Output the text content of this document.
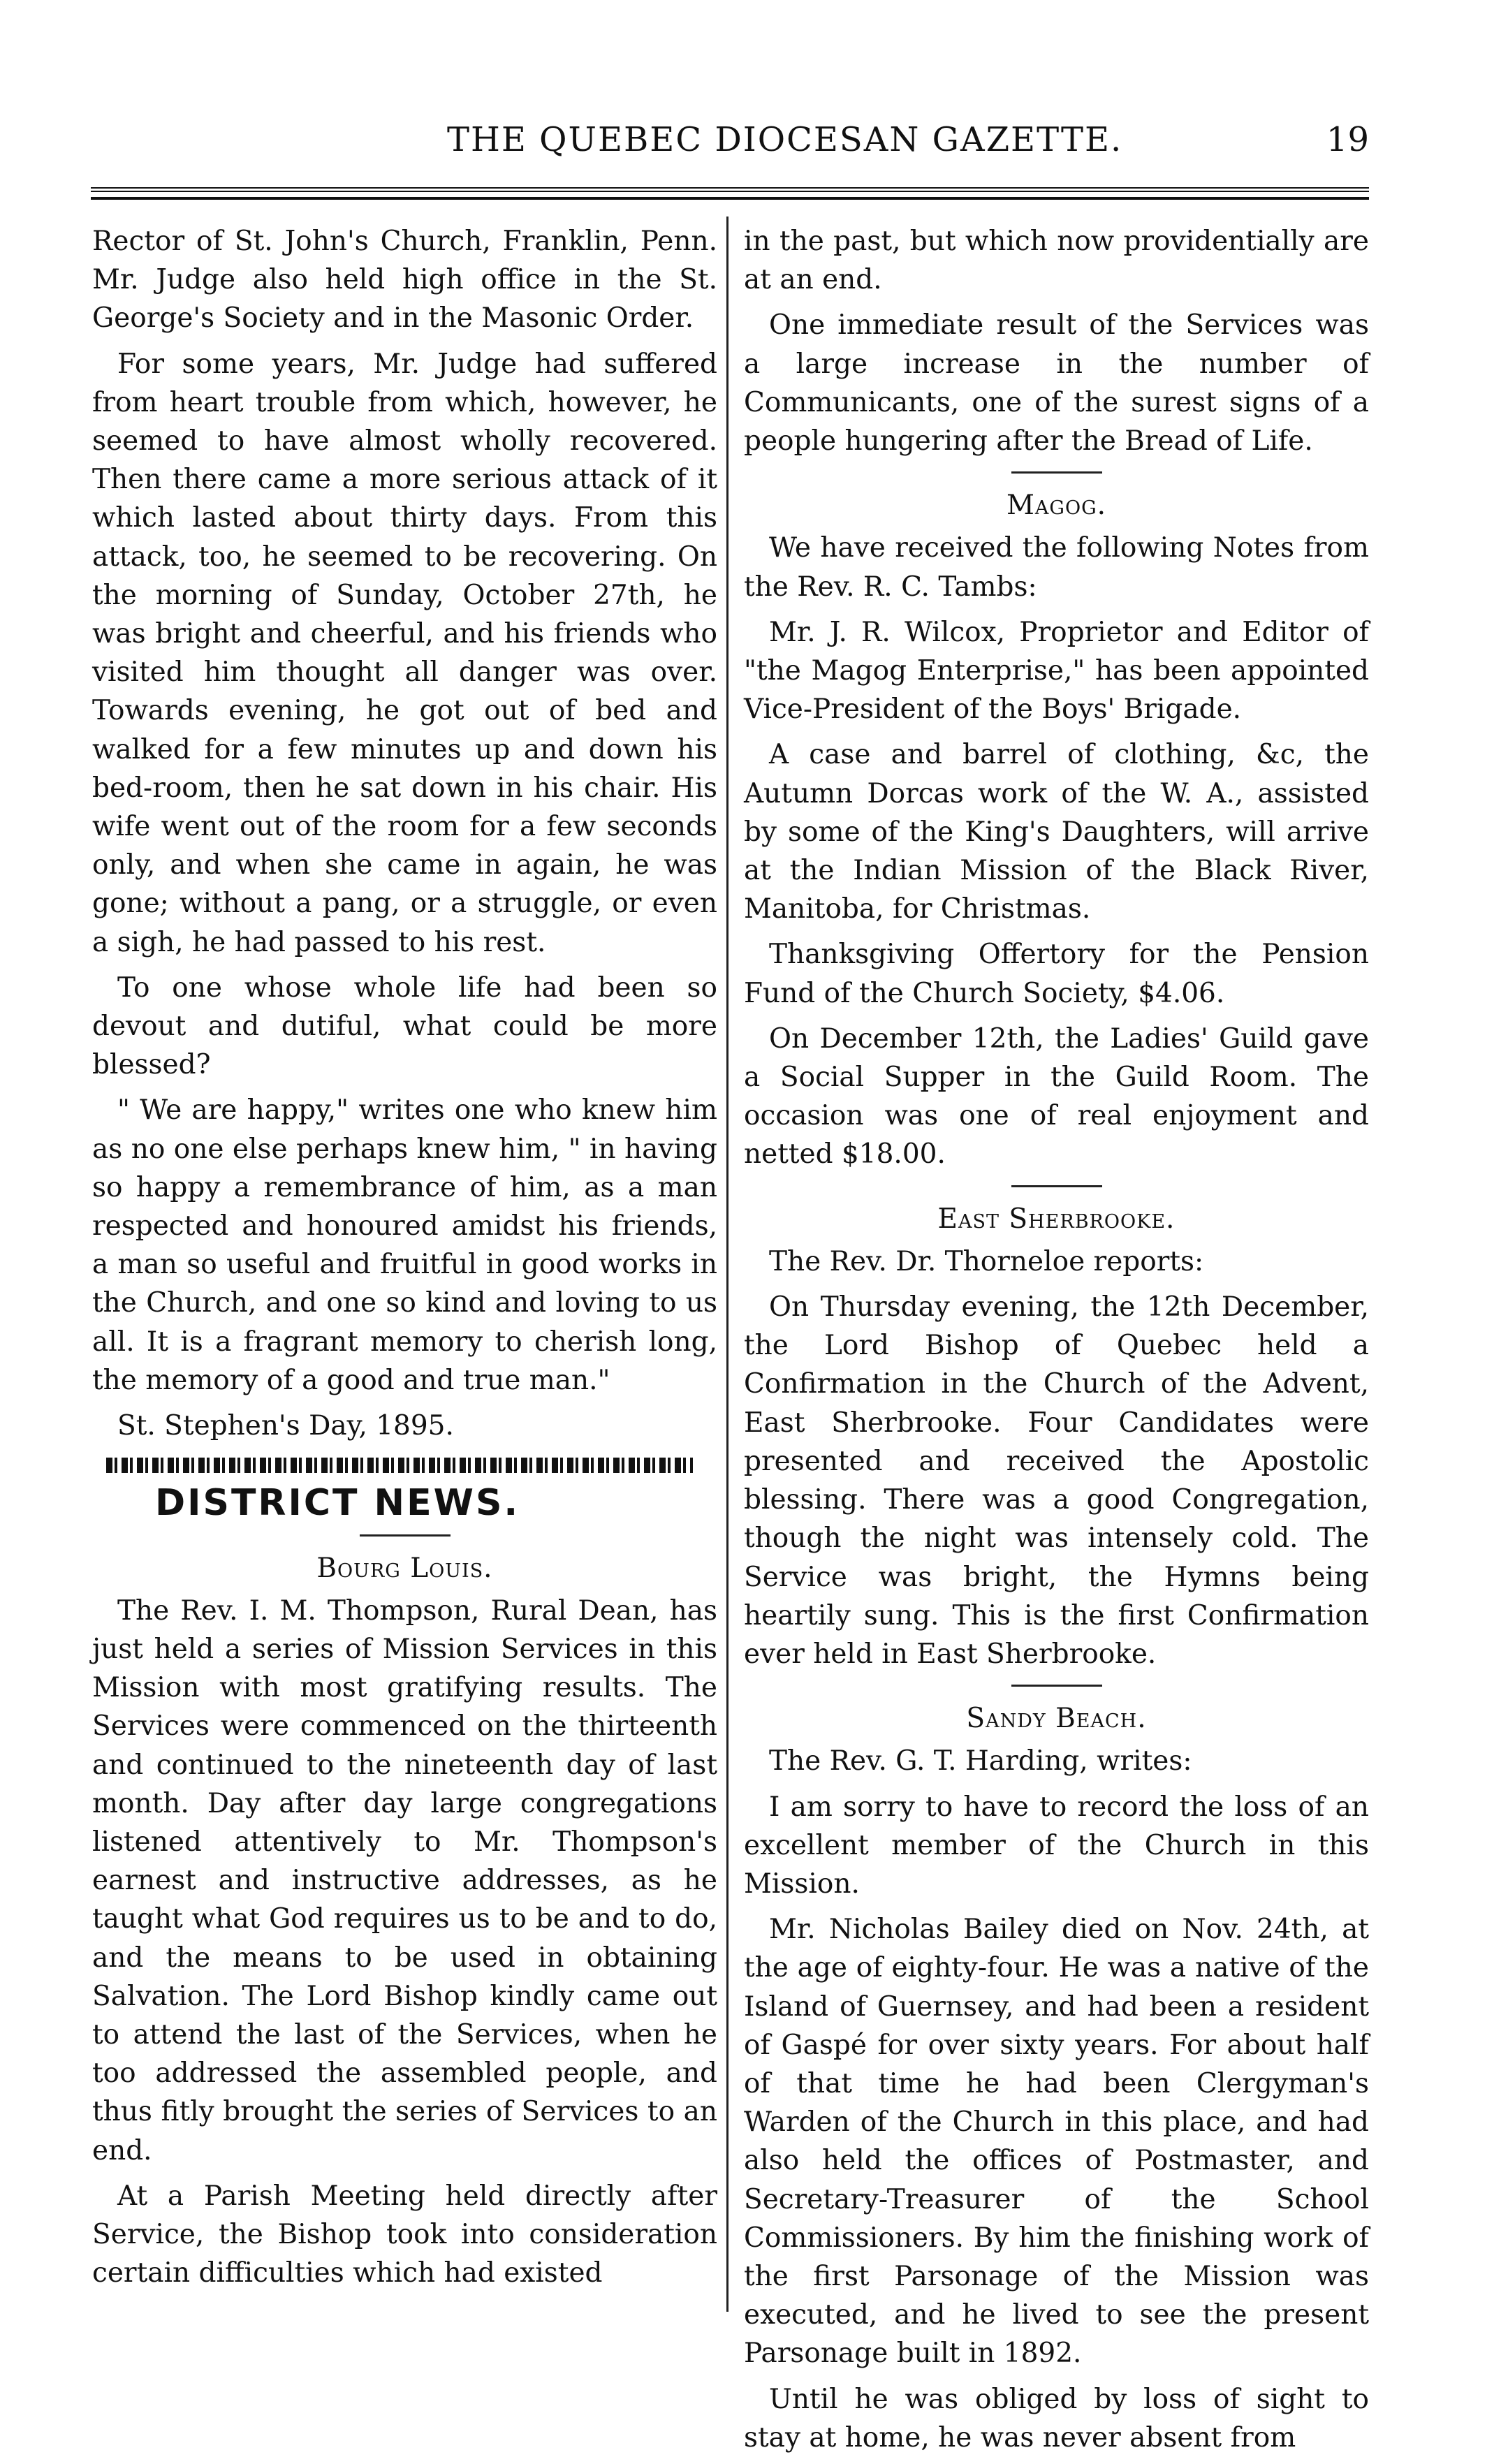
THE QUEBEC DIOCESAN GAZETTE.	19

Rector of St. John's Church, Franklin, Penn. Mr. Judge also held high office in the St. George's Society and in the Masonic Order.

For some years, Mr. Judge had suffered from heart trouble from which, however, he seemed to have almost wholly recovered. Then there came a more serious attack of it which lasted about thirty days. From this attack, too, he seemed to be recovering. On the morning of Sunday, October 27th, he was bright and cheerful, and his friends who visited him thought all danger was over. Towards evening, he got out of bed and walked for a few minutes up and down his bed-room, then he sat down in his chair. His wife went out of the room for a few seconds only, and when she came in again, he was gone; without a pang, or a struggle, or even a sigh, he had passed to his rest.

To one whose whole life had been so devout and dutiful, what could be more blessed?

" We are happy," writes one who knew him as no one else perhaps knew him, " in having so happy a remembrance of him, as a man respected and honoured amidst his friends, a man so useful and fruitful in good works in the Church, and one so kind and loving to us all. It is a fragrant memory to cherish long, the memory of a good and true man."

St. Stephen's Day, 1895.

DISTRICT NEWS.
Bourg Louis.

The Rev. I. M. Thompson, Rural Dean, has just held a series of Mission Services in this Mission with most gratifying results. The Services were commenced on the thirteenth and continued to the nineteenth day of last month. Day after day large congregations listened attentively to Mr. Thompson's earnest and instructive addresses, as he taught what God requires us to be and to do, and the means to be used in obtaining Salvation. The Lord Bishop kindly came out to attend the last of the Services, when he too addressed the assembled people, and thus fitly brought the series of Services to an end.

At a Parish Meeting held directly after Service, the Bishop took into consideration certain difficulties which had existed

in the past, but which now providentially are at an end.

One immediate result of the Services was a large increase in the number of Communicants, one of the surest signs of a people hungering after the Bread of Life.

Magog.

We have received the following Notes from the Rev. R. C. Tambs:

Mr. J. R. Wilcox, Proprietor and Editor of "the Magog Enterprise," has been appointed Vice-President of the Boys' Brigade.

A case and barrel of clothing, &c, the Autumn Dorcas work of the W. A., assisted by some of the King's Daughters, will arrive at the Indian Mission of the Black River, Manitoba, for Christmas.

Thanksgiving Offertory for the Pension Fund of the Church Society, $4.06.

On December 12th, the Ladies' Guild gave a Social Supper in the Guild Room. The occasion was one of real enjoyment and netted $18.00.

East Sherbrooke.

The Rev. Dr. Thorneloe reports:

On Thursday evening, the 12th December, the Lord Bishop of Quebec held a Confirmation in the Church of the Advent, East Sherbrooke. Four Candidates were presented and received the Apostolic blessing. There was a good Congregation, though the night was intensely cold. The Service was bright, the Hymns being heartily sung. This is the first Confirmation ever held in East Sherbrooke.

Sandy Beach.

The Rev. G. T. Harding, writes:

I am sorry to have to record the loss of an excellent member of the Church in this Mission.

Mr. Nicholas Bailey died on Nov. 24th, at the age of eighty-four. He was a native of the Island of Guernsey, and had been a resident of Gaspé for over sixty years. For about half of that time he had been Clergyman's Warden of the Church in this place, and had also held the offices of Postmaster, and Secretary-Treasurer of the School Commissioners. By him the finishing work of the first Parsonage of the Mission was executed, and he lived to see the present Parsonage built in 1892.

Until he was obliged by loss of sight to stay at home, he was never absent from
